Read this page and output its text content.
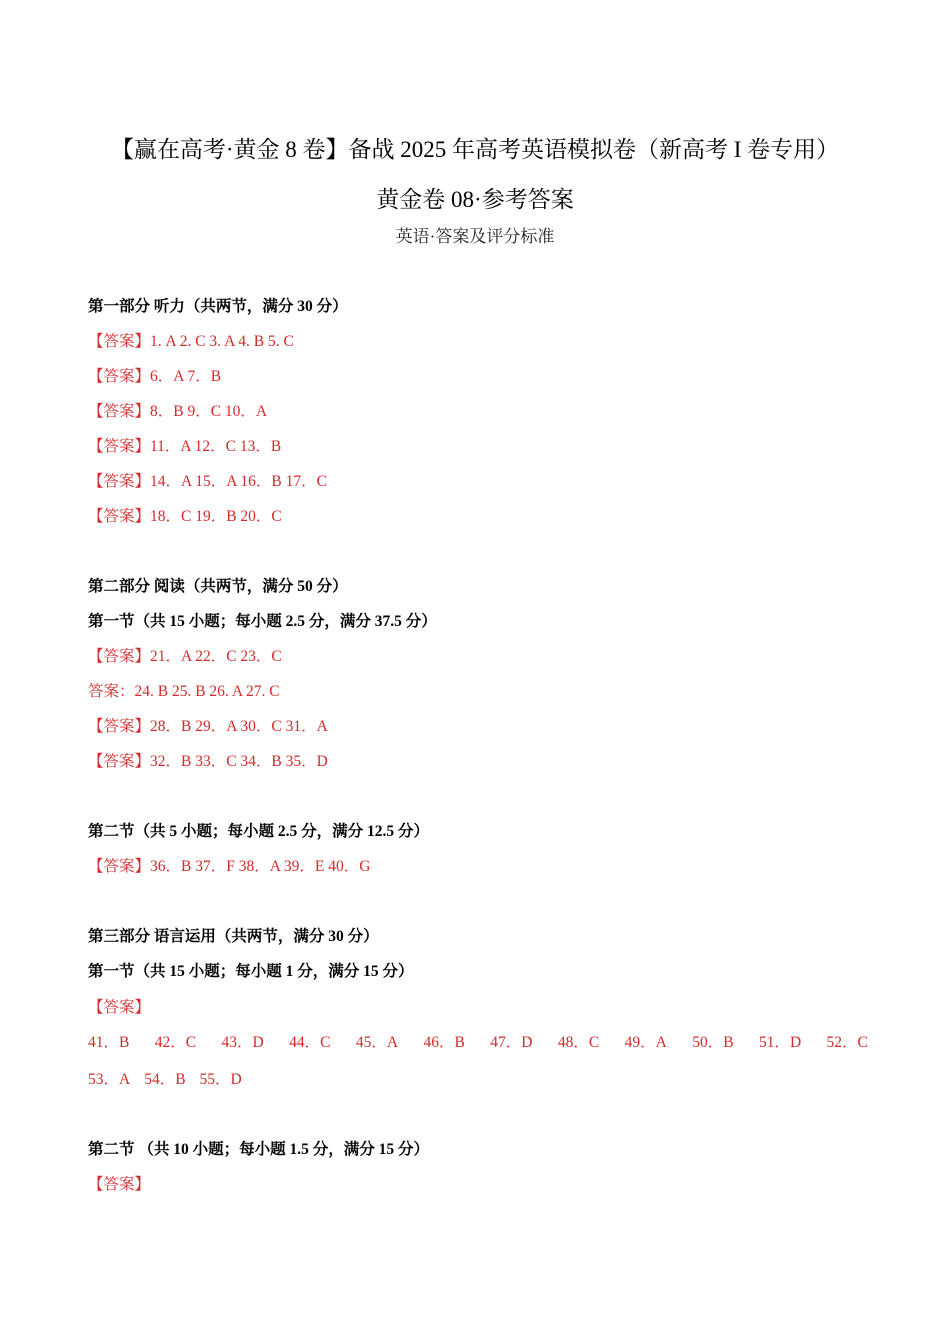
【赢在高考·黄金 8 卷】备战 2025 年高考英语模拟卷（新高考 I 卷专用）
黄金卷 08·参考答案
英语·答案及评分标准
第一部分 听力（共两节，满分 30 分）
【答案】1. A 2. C 3. A 4. B 5. C
【答案】6．A 7．B
【答案】8．B 9．C 10．A
【答案】11．A 12．C 13．B
【答案】14．A 15．A 16．B 17．C
【答案】18．C 19．B 20．C
第二部分 阅读（共两节，满分 50 分）
第一节（共 15 小题；每小题 2.5 分，满分 37.5 分）
【答案】21．A 22．C 23．C
答案：24. B 25. B 26. A 27. C
【答案】28．B 29．A 30．C 31．A
【答案】32．B 33．C 34．B 35．D
第二节（共 5 小题；每小题 2.5 分，满分 12.5 分）
【答案】36．B 37．F 38．A 39．E 40．G
第三部分 语言运用（共两节，满分 30 分）
第一节（共 15 小题；每小题 1 分，满分 15 分）
【答案】
41．B 42．C 43．D 44．C 45．A 46．B 47．D 48．C 49．A 50．B 51．D 52．C
53．A 54．B 55．D
第二节 （共 10 小题；每小题 1.5 分，满分 15 分）
【答案】
